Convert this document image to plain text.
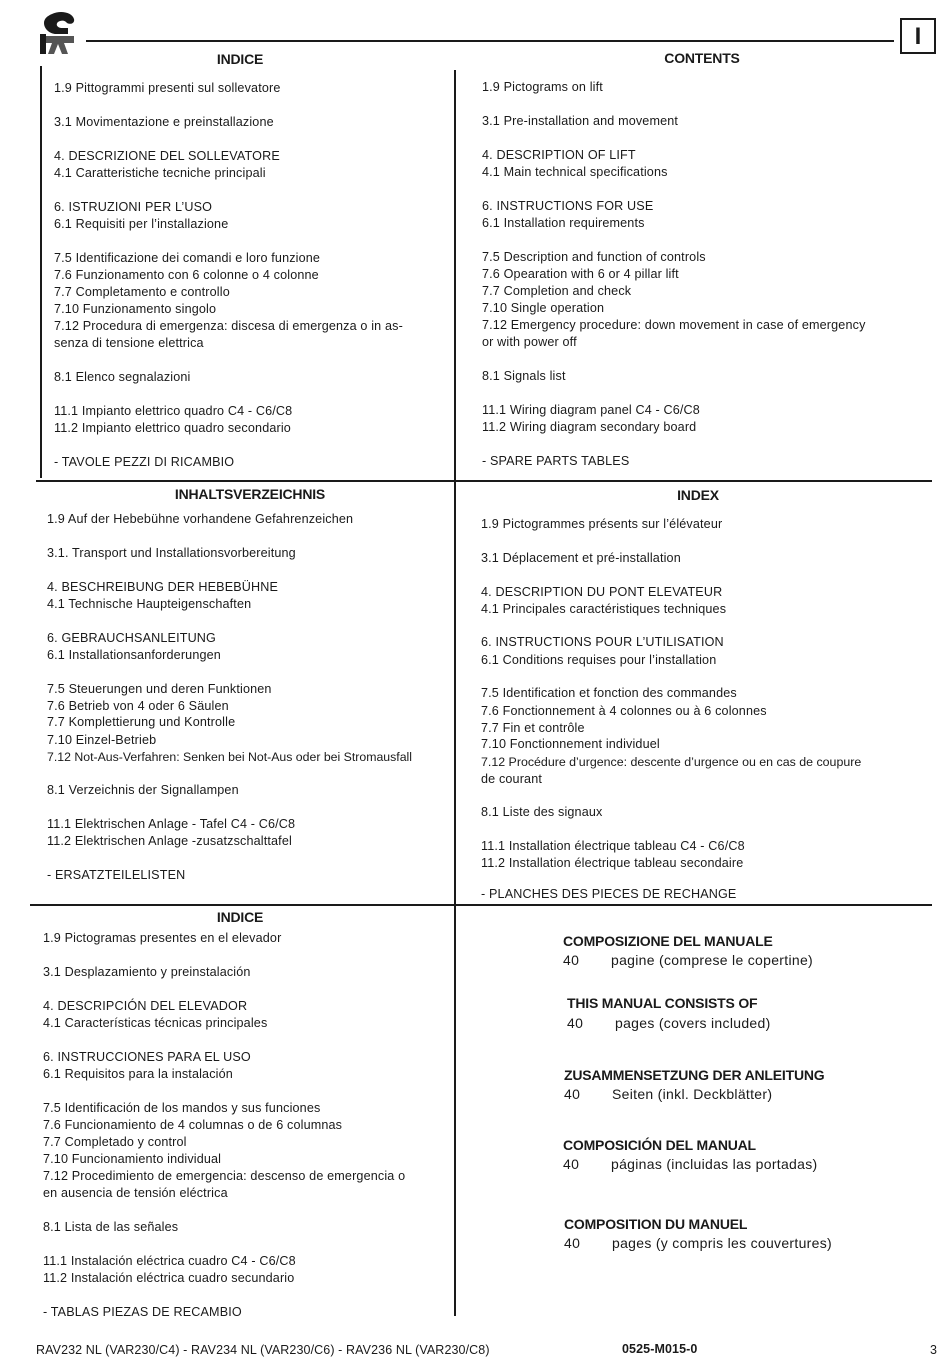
I
INDICE	CONTENTS
INHALTSVERZEICHNIS	INDEX
INDICE
1.9 Pittogrammi presenti sul sollevatore
3.1 Movimentazione e preinstallazione
4. DESCRIZIONE DEL SOLLEVATORE
4.1 Caratteristiche tecniche principali
6. ISTRUZIONI PER L’USO
6.1 Requisiti per l’installazione
7.5 Identificazione dei comandi e loro funzione
7.6 Funzionamento con 6 colonne o 4 colonne
7.7 Completamento e controllo
7.10 Funzionamento singolo
7.12 Procedura di emergenza: discesa di emergenza o in as-
senza di tensione elettrica
8.1 Elenco segnalazioni
11.1 Impianto elettrico quadro C4 - C6/C8
11.2 Impianto elettrico quadro secondario
- TAVOLE PEZZI DI RICAMBIO
1.9 Pictograms on lift
3.1 Pre-installation and movement
4. DESCRIPTION OF LIFT
4.1 Main technical specifications
6. INSTRUCTIONS FOR USE
6.1 Installation requirements
7.5 Description and function of controls
7.6 Opearation with 6 or 4 pillar lift
7.7 Completion and check
7.10 Single operation
7.12 Emergency procedure: down movement in case of emergency
or with power off
8.1 Signals list
11.1 Wiring diagram panel C4 - C6/C8
11.2 Wiring diagram secondary board
- SPARE PARTS TABLES
1.9 Auf der Hebebühne vorhandene Gefahrenzeichen
3.1. Transport und Installationsvorbereitung
4. BESCHREIBUNG DER HEBEBÜHNE
4.1 Technische Haupteigenschaften
6. GEBRAUCHSANLEITUNG
6.1 Installationsanforderungen
7.5 Steuerungen und deren Funktionen
7.6 Betrieb von 4 oder 6 Säulen
7.7 Komplettierung und Kontrolle
7.10 Einzel-Betrieb
7.12 Not-Aus-Verfahren: Senken bei Not-Aus oder bei Stromausfall
8.1 Verzeichnis der Signallampen
11.1 Elektrischen Anlage - Tafel C4 - C6/C8
11.2 Elektrischen Anlage -zusatzschalttafel
- ERSATZTEILELISTEN
1.9 Pictogrammes présents sur l’élévateur
3.1 Déplacement et pré-installation
4. DESCRIPTION DU PONT ELEVATEUR
4.1 Principales caractéristiques techniques
6. INSTRUCTIONS POUR L’UTILISATION
6.1 Conditions requises pour l’installation
7.5 Identification et fonction des commandes
7.6 Fonctionnement à 4 colonnes ou à 6 colonnes
7.7 Fin et contrôle
7.10 Fonctionnement individuel
7.12 Procédure d’urgence: descente d’urgence ou en cas de coupure
de courant
8.1 Liste des signaux
11.1 Installation électrique tableau C4 - C6/C8
11.2 Installation électrique tableau secondaire
- PLANCHES DES PIECES DE RECHANGE
1.9 Pictogramas presentes en el elevador
3.1 Desplazamiento y preinstalación
4. DESCRIPCIÓN DEL ELEVADOR
4.1 Características técnicas principales
6. INSTRUCCIONES PARA EL USO
6.1 Requisitos para la instalación
7.5 Identificación de los mandos y sus funciones
7.6 Funcionamiento de 4 columnas o de 6 columnas
7.7 Completado y control
7.10 Funcionamiento individual
7.12 Procedimiento de emergencia: descenso de emergencia o
en ausencia de tensión eléctrica
8.1 Lista de las señales
11.1 Instalación eléctrica cuadro C4 - C6/C8
11.2 Instalación eléctrica cuadro secundario
- TABLAS PIEZAS DE RECAMBIO
COMPOSIZIONE DEL MANUALE
40 pagine (comprese le copertine)
THIS MANUAL CONSISTS OF
40 pages (covers included)
ZUSAMMENSETZUNG DER ANLEITUNG
40 Seiten (inkl. Deckblätter)
COMPOSICIÓN DEL MANUAL
40 páginas (incluidas las portadas)
COMPOSITION DU MANUEL
40 pages (y compris les couvertures)
RAV232 NL (VAR230/C4) - RAV234 NL (VAR230/C6) - RAV236 NL (VAR230/C8)	0525-M015-0	3
